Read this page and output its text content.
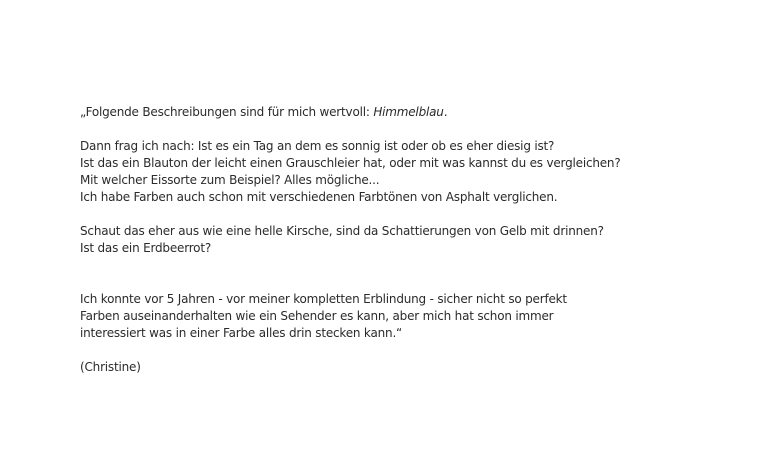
„Folgende Beschreibungen sind für mich wertvoll: Himmelblau.
Dann frag ich nach: Ist es ein Tag an dem es sonnig ist oder ob es eher diesig ist?
Ist das ein Blauton der leicht einen Grauschleier hat, oder mit was kannst du es vergleichen?
Mit welcher Eissorte zum Beispiel? Alles mögliche...
Ich habe Farben auch schon mit verschiedenen Farbtönen von Asphalt verglichen.
Schaut das eher aus wie eine helle Kirsche, sind da Schattierungen von Gelb mit drinnen?
Ist das ein Erdbeerrot?
Ich konnte vor 5 Jahren - vor meiner kompletten Erblindung - sicher nicht so perfekt
Farben auseinanderhalten wie ein Sehender es kann, aber mich hat schon immer
interessiert was in einer Farbe alles drin stecken kann.“
(Christine)
